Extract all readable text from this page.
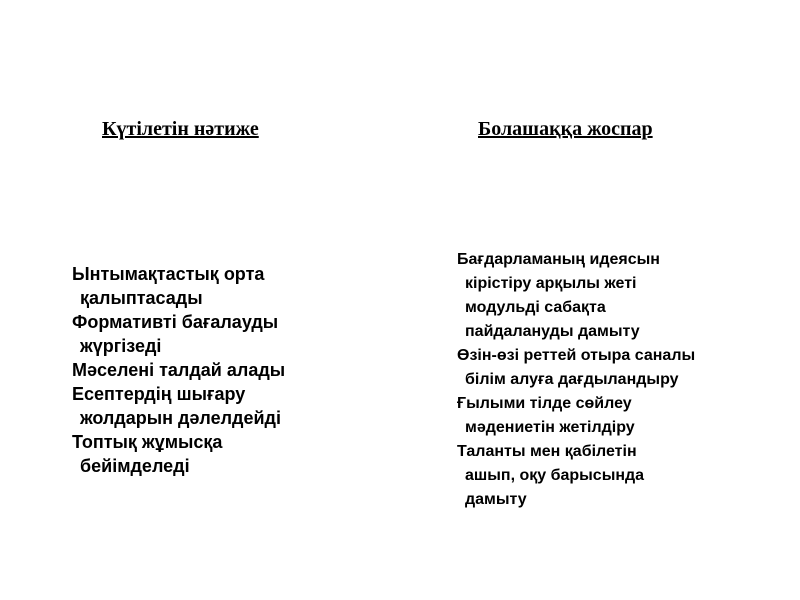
Күтілетін нәтиже	Болашаққа жоспар
Ынтымақтастық орта
қалыптасады
Формативті бағалауды
жүргізеді
Мәселені талдай алады
Есептердің шығару
жолдарын дәлелдейді
Топтық жұмысқа
бейімделеді
Бағдарламаның идеясын
кірістіру арқылы жеті
модульді сабақта
пайдалануды дамыту
Өзін-өзі реттей отыра саналы
білім алуға дағдыландыру
Ғылыми тілде сөйлеу
мәдениетін жетілдіру
Таланты мен қабілетін
ашып, оқу барысында
дамыту
